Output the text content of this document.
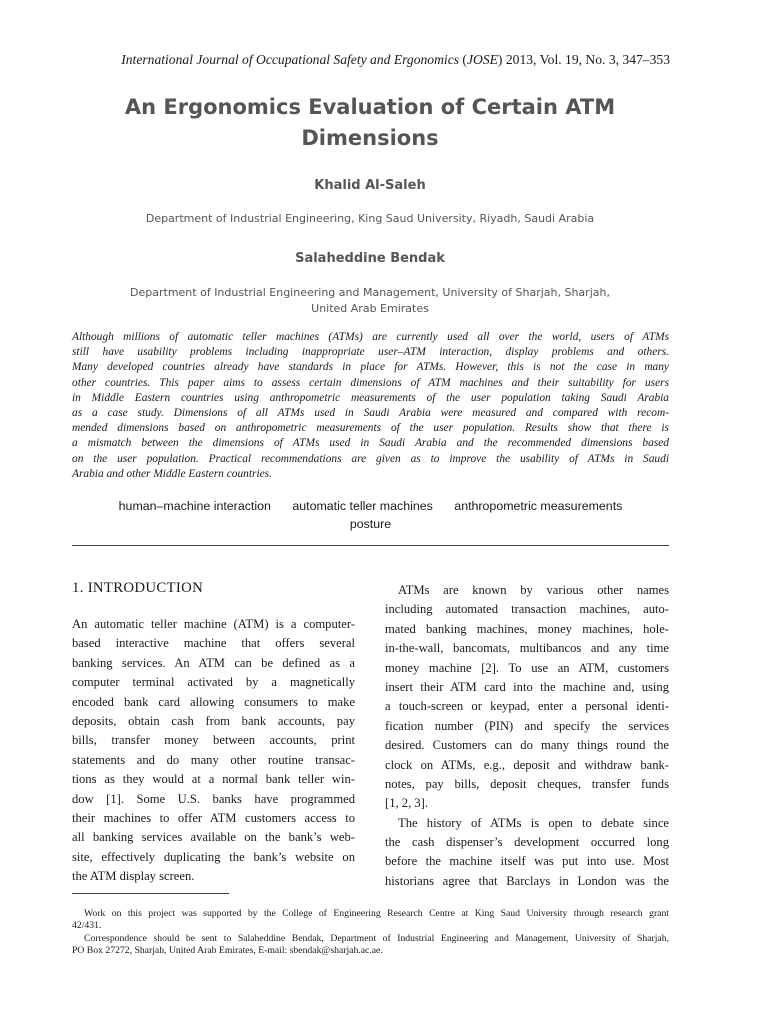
International Journal of Occupational Safety and Ergonomics (JOSE) 2013, Vol. 19, No. 3, 347–353
An Ergonomics Evaluation of Certain ATM
Dimensions
Khalid Al-Saleh
Department of Industrial Engineering, King Saud University, Riyadh, Saudi Arabia
Salaheddine Bendak
Department of Industrial Engineering and Management, University of Sharjah, Sharjah,
United Arab Emirates
Although millions of automatic teller machines (ATMs) are currently used all over the world, users of ATMs
still have usability problems including inappropriate user–ATM interaction, display problems and others.
Many developed countries already have standards in place for ATMs. However, this is not the case in many
other countries. This paper aims to assess certain dimensions of ATM machines and their suitability for users
in Middle Eastern countries using anthropometric measurements of the user population taking Saudi Arabia
as a case study. Dimensions of all ATMs used in Saudi Arabia were measured and compared with recom-
mended dimensions based on anthropometric measurements of the user population. Results show that there is
a mismatch between the dimensions of ATMs used in Saudi Arabia and the recommended dimensions based
on the user population. Practical recommendations are given as to improve the usability of ATMs in Saudi
Arabia and other Middle Eastern countries.
human–machine interaction automatic teller machines anthropometric measurements
posture
1. INTRODUCTION
An automatic teller machine (ATM) is a computer-
based interactive machine that offers several
banking services. An ATM can be defined as a
computer terminal activated by a magnetically
encoded bank card allowing consumers to make
deposits, obtain cash from bank accounts, pay
bills, transfer money between accounts, print
statements and do many other routine transac-
tions as they would at a normal bank teller win-
dow [1]. Some U.S. banks have programmed
their machines to offer ATM customers access to
all banking services available on the bank’s web-
site, effectively duplicating the bank’s website on
the ATM display screen.
ATMs are known by various other names
including automated transaction machines, auto-
mated banking machines, money machines, hole-
in-the-wall, bancomats, multibancos and any time
money machine [2]. To use an ATM, customers
insert their ATM card into the machine and, using
a touch-screen or keypad, enter a personal identi-
fication number (PIN) and specify the services
desired. Customers can do many things round the
clock on ATMs, e.g., deposit and withdraw bank-
notes, pay bills, deposit cheques, transfer funds
[1, 2, 3].
The history of ATMs is open to debate since
the cash dispenser’s development occurred long
before the machine itself was put into use. Most
historians agree that Barclays in London was the
Work on this project was supported by the College of Engineering Research Centre at King Saud University through research grant
42/431.
Correspondence should be sent to Salaheddine Bendak, Department of Industrial Engineering and Management, University of Sharjah,
PO Box 27272, Sharjah, United Arab Emirates, E-mail: sbendak@sharjah.ac.ae.
